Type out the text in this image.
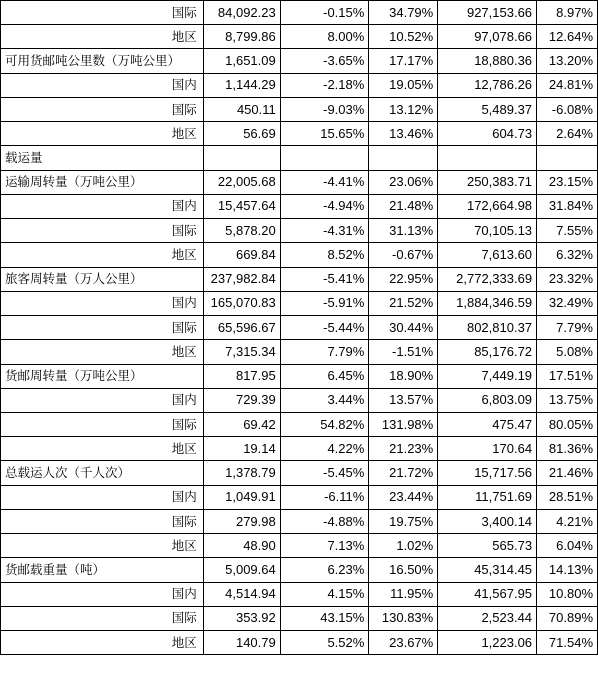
国际	84,092.23	-0.15%	34.79%	927,153.66	8.97%
地区	8,799.86	8.00%	10.52%	97,078.66	12.64%
可用货邮吨公里数（万吨公里）	1,651.09	-3.65%	17.17%	18,880.36	13.20%
国内	1,144.29	-2.18%	19.05%	12,786.26	24.81%
国际	450.11	-9.03%	13.12%	5,489.37	-6.08%
地区	56.69	15.65%	13.46%	604.73	2.64%
载运量					
运输周转量（万吨公里）	22,005.68	-4.41%	23.06%	250,383.71	23.15%
国内	15,457.64	-4.94%	21.48%	172,664.98	31.84%
国际	5,878.20	-4.31%	31.13%	70,105.13	7.55%
地区	669.84	8.52%	-0.67%	7,613.60	6.32%
旅客周转量（万人公里）	237,982.84	-5.41%	22.95%	2,772,333.69	23.32%
国内	165,070.83	-5.91%	21.52%	1,884,346.59	32.49%
国际	65,596.67	-5.44%	30.44%	802,810.37	7.79%
地区	7,315.34	7.79%	-1.51%	85,176.72	5.08%
货邮周转量（万吨公里）	817.95	6.45%	18.90%	7,449.19	17.51%
国内	729.39	3.44%	13.57%	6,803.09	13.75%
国际	69.42	54.82%	131.98%	475.47	80.05%
地区	19.14	4.22%	21.23%	170.64	81.36%
总载运人次（千人次）	1,378.79	-5.45%	21.72%	15,717.56	21.46%
国内	1,049.91	-6.11%	23.44%	11,751.69	28.51%
国际	279.98	-4.88%	19.75%	3,400.14	4.21%
地区	48.90	7.13%	1.02%	565.73	6.04%
货邮载重量（吨）	5,009.64	6.23%	16.50%	45,314.45	14.13%
国内	4,514.94	4.15%	11.95%	41,567.95	10.80%
国际	353.92	43.15%	130.83%	2,523.44	70.89%
地区	140.79	5.52%	23.67%	1,223.06	71.54%
